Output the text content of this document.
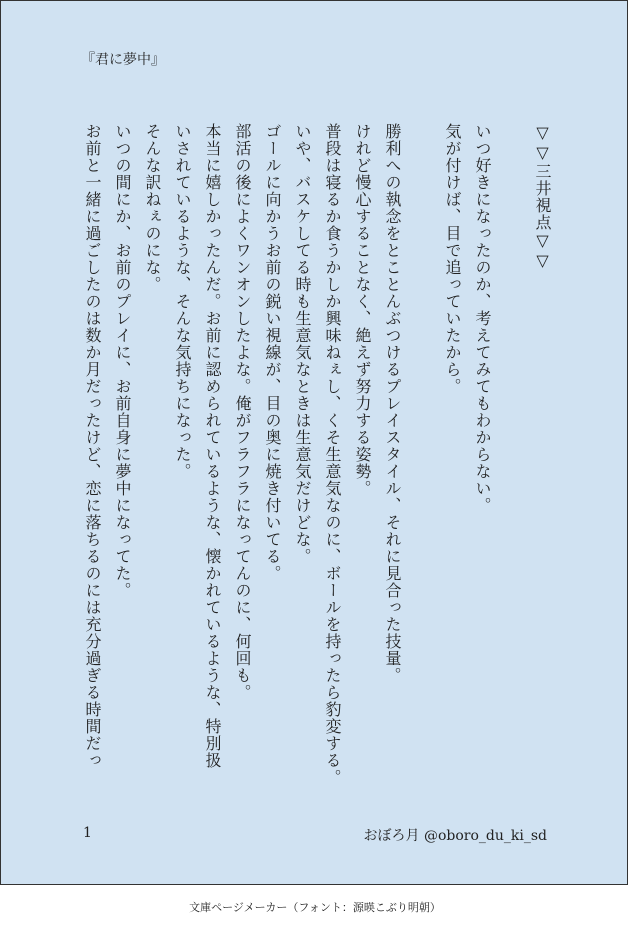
『君に夢中』
▽▽三井視点▽▽
いつ好きになったのか、考えてみてもわからない。
気が付けば、目で追っていたから。
勝利への執念をとことんぶつけるプレイスタイル、それに見合った技量。
けれど慢心することなく、絶えず努力する姿勢。
普段は寝るか食うかしか興味ねぇし、くそ生意気なのに、ボールを持ったら豹変する。
いや、バスケしてる時も生意気なときは生意気だけどな。
ゴールに向かうお前の鋭い視線が、目の奥に焼き付いてる。
部活の後によくワンオンしたよな。俺がフラフラになってんのに、何回も。
本当に嬉しかったんだ。お前に認められているような、懐かれているような、特別扱
いされているような、そんな気持ちになった。
そんな訳ねぇのにな。
いつの間にか、お前のプレイに、お前自身に夢中になってた。
お前と一緒に過ごしたのは数か月だったけど、恋に落ちるのには充分過ぎる時間だっ
1	おぼろ月 @oboro_du_ki_sd
文庫ページメーカー（フォント：源暎こぶり明朝）
